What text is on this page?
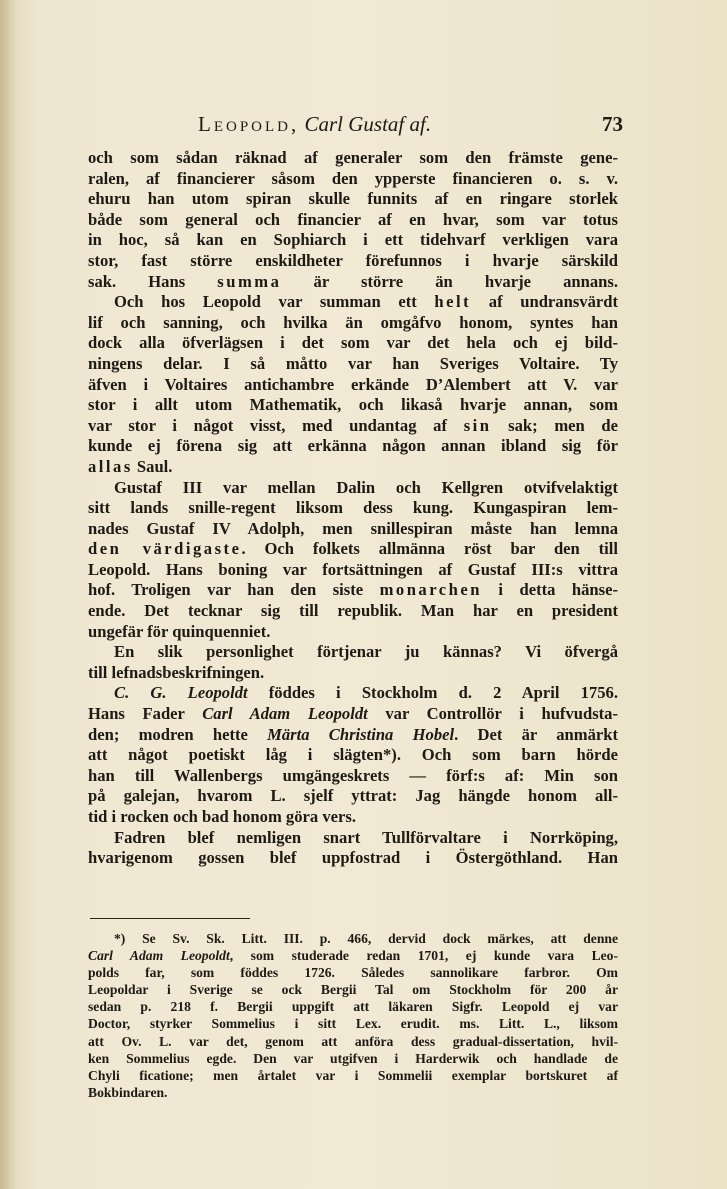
Leopold, Carl Gustaf af.	73

och som sådan räknad af generaler som den främste gene-

ralen, af financierer såsom den ypperste financieren o. s. v.

ehuru han utom spiran skulle funnits af en ringare storlek

både som general och financier af en hvar, som var totus

in hoc, så kan en Sophiarch i ett tidehvarf verkligen vara

stor, fast större enskildheter förefunnos i hvarje särskild

sak. Hans summa är större än hvarje annans.

Och hos Leopold var summan ett helt af undransvärdt

lif och sanning, och hvilka än omgåfvo honom, syntes han

dock alla öfverlägsen i det som var det hela och ej bild-

ningens delar. I så måtto var han Sveriges Voltaire. Ty

äfven i Voltaires antichambre erkände D’Alembert att V. var

stor i allt utom Mathematik, och likaså hvarje annan, som

var stor i något visst, med undantag af sin sak; men de

kunde ej förena sig att erkänna någon annan ibland sig för

allas Saul.

Gustaf III var mellan Dalin och Kellgren otvifvelaktigt

sitt lands snille-regent liksom dess kung. Kungaspiran lem-

nades Gustaf IV Adolph, men snillespiran måste han lemna

den värdigaste. Och folkets allmänna röst bar den till

Leopold. Hans boning var fortsättningen af Gustaf III:s vittra

hof. Troligen var han den siste monarchen i detta hänse-

ende. Det tecknar sig till republik. Man har en president

ungefär för quinquenniet.

En slik personlighet förtjenar ju kännas? Vi öfvergå

till lefnadsbeskrifningen.

C. G. Leopoldt föddes i Stockholm d. 2 April 1756.

Hans Fader Carl Adam Leopoldt var Controllör i hufvudsta-

den; modren hette Märta Christina Hobel. Det är anmärkt

att något poetiskt låg i slägten*). Och som barn hörde

han till Wallenbergs umgängeskrets — förf:s af: Min son

på galejan, hvarom L. sjelf yttrat: Jag hängde honom all-

tid i rocken och bad honom göra vers.

Fadren blef nemligen snart Tullförvaltare i Norrköping,

hvarigenom gossen blef uppfostrad i Östergöthland. Han

*) Se Sv. Sk. Litt. III. p. 466, dervid dock märkes, att denne

Carl Adam Leopoldt, som studerade redan 1701, ej kunde vara Leo-

polds far, som föddes 1726. Således sannolikare farbror. Om

Leopoldar i Sverige se ock Bergii Tal om Stockholm för 200 år

sedan p. 218 f. Bergii uppgift att läkaren Sigfr. Leopold ej var

Doctor, styrker Sommelius i sitt Lex. erudit. ms. Litt. L., liksom

att Ov. L. var det, genom att anföra dess gradual-dissertation, hvil-

ken Sommelius egde. Den var utgifven i Harderwik och handlade de

Chyli ficatione; men årtalet var i Sommelii exemplar bortskuret af

Bokbindaren.
